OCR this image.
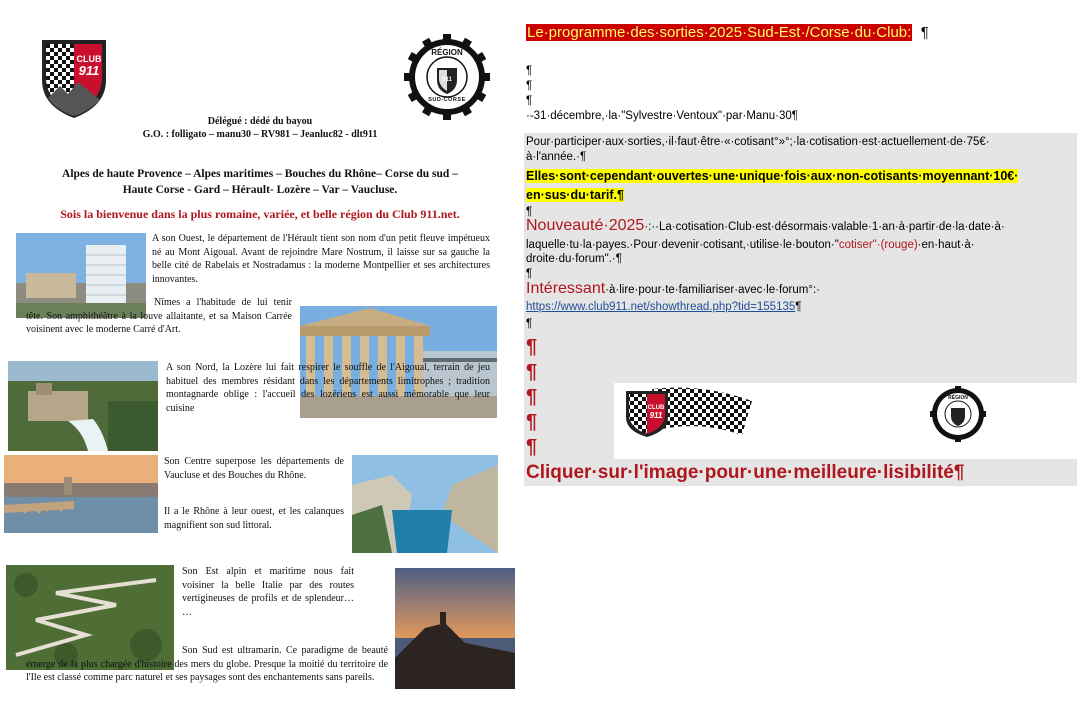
CLUB
911
RÉGION
SUD-CORSE
911
Délégué : dédé du bayou
G.O. : folligato – manu30 – RV981 – Jeanluc82 - dlt911
Alpes de haute Provence – Alpes maritimes – Bouches du Rhône– Corse du sud –
Haute Corse - Gard – Hérault- Lozère – Var – Vaucluse.
Sois la bienvenue dans la plus romaine, variée, et belle région du Club 911.net.
A son Ouest, le département de l'Hérault tient son nom d'un petit fleuve impétueux né au Mont Aigoual. Avant de rejoindre Mare Nostrum, il laisse sur sa gauche la belle cité de Rabelais et Nostradamus : la moderne Montpellier et ses architectures innovantes.
Nîmes a l'habitude de lui tenir tête. Son amphithéâtre à la louve allaitante, et sa Maison Carrée voisinent avec le moderne Carré d'Art.
A son Nord, la Lozère lui fait respirer le souffle de l'Aigoual, terrain de jeu habituel des membres résidant dans les départements limitrophes ; tradition montagnarde oblige : l'accueil des lozériens est aussi mémorable que leur cuisine
Son Centre superpose les départements de Vaucluse et des Bouches du Rhône.
Il a le Rhône à leur ouest, et les calanques magnifient son sud littoral.
Son Est alpin et maritime nous fait voisiner la belle Italie par des routes vertigineuses de profils et de splendeur… …
Son Sud est ultramarin. Ce paradigme de beauté émerge de la plus chargée d'histoire des mers du globe. Presque la moitié du territoire de l'Ile est classé comme parc naturel et ses paysages sont des enchantements sans pareils.
Le·programme·des·sorties·2025·Sud-Est·/Corse·du·Club: ¶
¶
¶
¶
·-31·décembre,·la·"Sylvestre·Ventoux"·par·Manu·30¶
Pour·participer·aux·sorties,·il·faut·être·«·cotisant°»°;·la·cotisation·est·actuellement·de·75€·
à·l'année.·¶
Elles·sont·cependant·ouvertes·une·unique·fois·aux·non-cotisants·moyennant·10€·
en·sus·du·tarif.¶
¶
Nouveauté·2025·:··La·cotisation·Club·est·désormais·valable·1·an·à·partir·de·la·date·à·
laquelle·tu·la·payes.·Pour·devenir·cotisant,·utilise·le·bouton·"cotiser"·(rouge)·en·haut·à·
droite·du·forum".·¶
¶
Intéressant·à·lire·pour·te·familiariser·avec·le·forum°:·
https://www.club911.net/showthread.php?tid=155135¶
¶
¶
¶
¶
¶
¶
CLUB
911
RÉGION
Cliquer·sur·l'image·pour·une·meilleure·lisibilité¶
